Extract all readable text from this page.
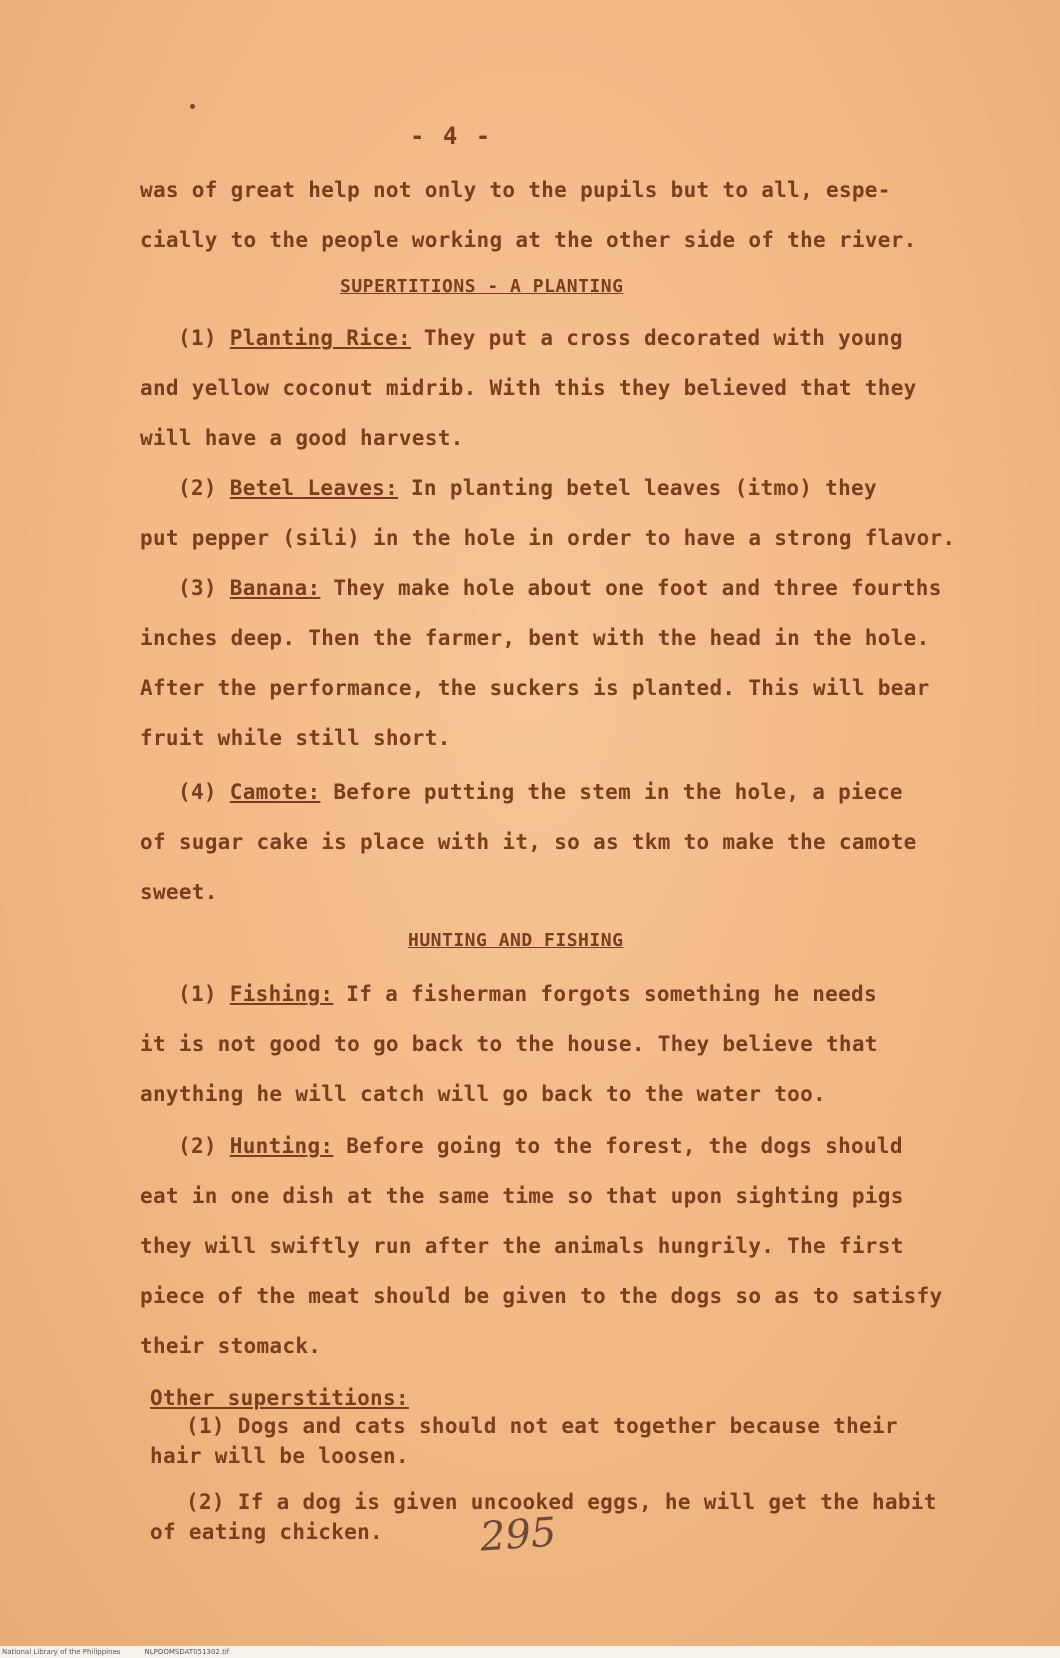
- 4 -
was of great help not only to the pupils but to all, espe-
cially to the people working at the other side of the river.
SUPERTITIONS - A PLANTING
(1) Planting Rice: They put a cross decorated with young
and yellow coconut midrib. With this they believed that they
will have a good harvest.
(2) Betel Leaves: In planting betel leaves (itmo) they
put pepper (sili) in the hole in order to have a strong flavor.
(3) Banana: They make hole about one foot and three fourths
inches deep. Then the farmer, bent with the head in the hole.
After the performance, the suckers is planted. This will bear
fruit while still short.
(4) Camote: Before putting the stem in the hole, a piece
of sugar cake is place with it, so as tkm to make the camote
sweet.
HUNTING AND FISHING
(1) Fishing: If a fisherman forgots something he needs
it is not good to go back to the house. They believe that
anything he will catch will go back to the water too.
(2) Hunting: Before going to the forest, the dogs should
eat in one dish at the same time so that upon sighting pigs
they will swiftly run after the animals hungrily. The first
piece of the meat should be given to the dogs so as to satisfy
their stomack.
Other superstitions:
(1) Dogs and cats should not eat together because their
hair will be loosen.
(2) If a dog is given uncooked eggs, he will get the habit
of eating chicken. 295
National Library of the Philippines	NLPOOMSDAT051302.tif
